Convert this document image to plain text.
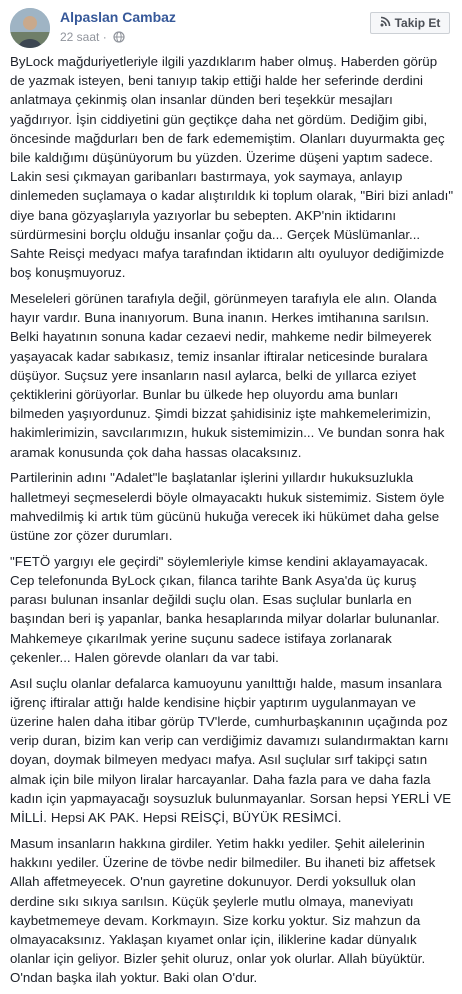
Alpaslan Cambaz
22 saat ·
Takip Et

ByLock mağduriyetleriyle ilgili yazdıklarım haber olmuş. Haberden görüp de yazmak isteyen, beni tanıyıp takip ettiği halde her seferinde derdini anlatmaya çekinmiş olan insanlar dünden beri teşekkür mesajları yağdırıyor. İşin ciddiyetini gün geçtikçe daha net gördüm. Dediğim gibi, öncesinde mağdurları ben de fark edememiştim. Olanları duyurmakta geç bile kaldığımı düşünüyorum bu yüzden. Üzerime düşeni yaptım sadece. Lakin sesi çıkmayan garibanları bastırmaya, yok saymaya, anlayıp dinlemeden suçlamaya o kadar alıştırıldık ki toplum olarak, "Biri bizi anladı" diye bana gözyaşlarıyla yazıyorlar bu sebepten. AKP'nin iktidarını sürdürmesini borçlu olduğu insanlar çoğu da... Gerçek Müslümanlar... Sahte Reisçi medyacı mafya tarafından iktidarın altı oyuluyor dediğimizde boş konuşmuyoruz.

Meseleleri görünen tarafıyla değil, görünmeyen tarafıyla ele alın. Olanda hayır vardır. Buna inanıyorum. Buna inanın. Herkes imtihanına sarılsın. Belki hayatının sonuna kadar cezaevi nedir, mahkeme nedir bilmeyerek yaşayacak kadar sabıkasız, temiz insanlar iftiralar neticesinde buralara düşüyor. Suçsuz yere insanların nasıl aylarca, belki de yıllarca eziyet çektiklerini görüyorlar. Bunlar bu ülkede hep oluyordu ama bunları bilmeden yaşıyordunuz. Şimdi bizzat şahidisiniz işte mahkemelerimizin, hakimlerimizin, savcılarımızın, hukuk sistemimizin... Ve bundan sonra hak aramak konusunda çok daha hassas olacaksınız.

Partilerinin adını "Adalet"le başlatanlar işlerini yıllardır hukuksuzlukla halletmeyi seçmeselerdi böyle olmayacaktı hukuk sistemimiz. Sistem öyle mahvedilmiş ki artık tüm gücünü hukuğa verecek iki hükümet daha gelse üstüne zor çözer durumları.

"FETÖ yargıyı ele geçirdi" söylemleriyle kimse kendini aklayamayacak. Cep telefonunda ByLock çıkan, filanca tarihte Bank Asya'da üç kuruş parası bulunan insanlar değildi suçlu olan. Esas suçlular bunlarla en başından beri iş yapanlar, banka hesaplarında milyar dolarlar bulunanlar. Mahkemeye çıkarılmak yerine suçunu sadece istifaya zorlanarak çekenler... Halen görevde olanları da var tabi.

Asıl suçlu olanlar defalarca kamuoyunu yanılttığı halde, masum insanlara iğrenç iftiralar attığı halde kendisine hiçbir yaptırım uygulanmayan ve üzerine halen daha itibar görüp TV'lerde, cumhurbaşkanının uçağında poz verip duran, bizim kan verip can verdiğimiz davamızı sulandırmaktan karnı doyan, doymak bilmeyen medyacı mafya. Asıl suçlular sırf takipçi satın almak için bile milyon liralar harcayanlar. Daha fazla para ve daha fazla kadın için yapmayacağı soysuzluk bulunmayanlar. Sorsan hepsi YERLİ VE MİLLİ. Hepsi AK PAK. Hepsi REİSÇİ, BÜYÜK RESİMCİ.

Masum insanların hakkına girdiler. Yetim hakkı yediler. Şehit ailelerinin hakkını yediler. Üzerine de tövbe nedir bilmediler. Bu ihaneti biz affetsek Allah affetmeyecek. O'nun gayretine dokunuyor. Derdi yoksulluk olan derdine sıkı sıkıya sarılsın. Küçük şeylerle mutlu olmaya, maneviyatı kaybetmemeye devam. Korkmayın. Size korku yoktur. Siz mahzun da olmayacaksınız. Yaklaşan kıyamet onlar için, iliklerine kadar dünyalık olanlar için geliyor. Bizler şehit oluruz, onlar yok olurlar. Allah büyüktür. O'ndan başka ilah yoktur. Baki olan O'dur.
